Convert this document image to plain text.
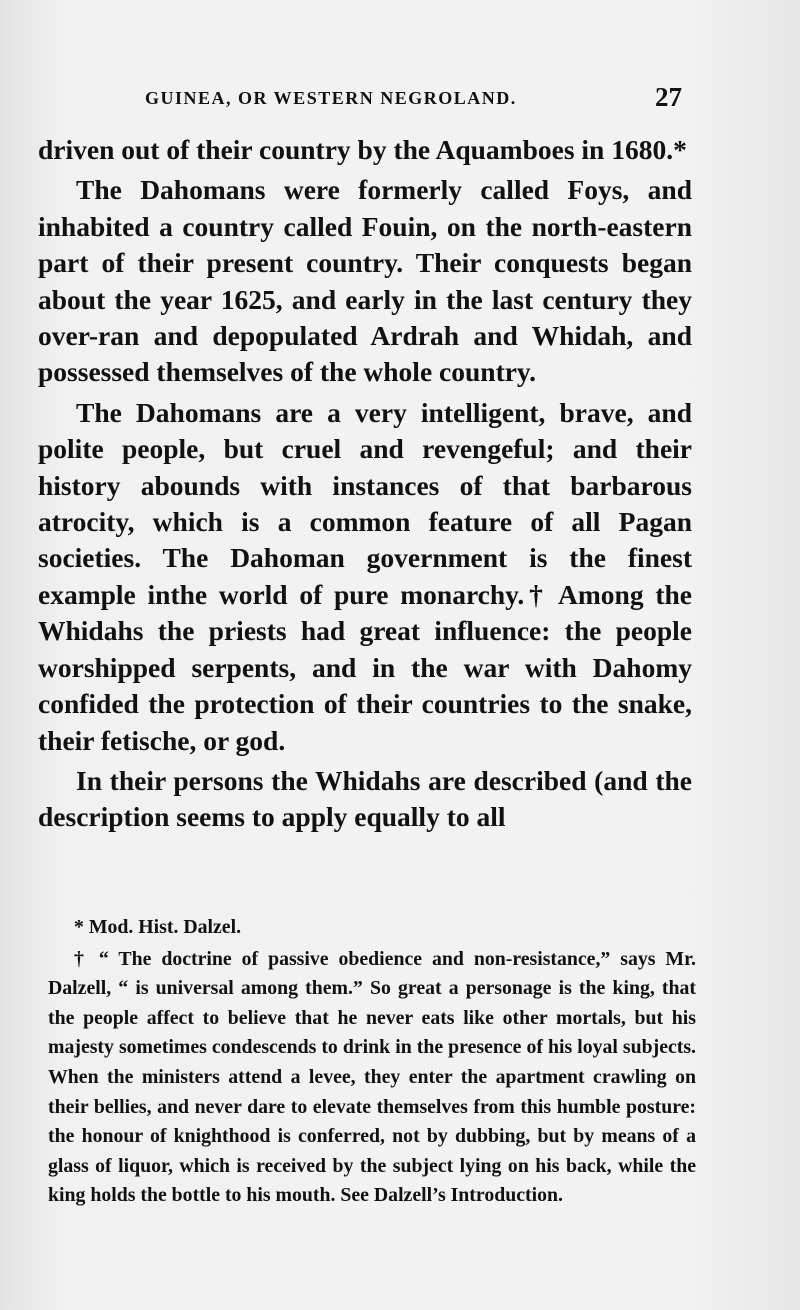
GUINEA, OR WESTERN NEGROLAND.	27

driven out of their country by the Aquamboes in 1680.*

The Dahomans were formerly called Foys, and inhabited a country called Fouin, on the north-eastern part of their present country. Their conquests began about the year 1625, and early in the last century they over-ran and depopulated Ardrah and Whidah, and possessed themselves of the whole country.

The Dahomans are a very intelligent, brave, and polite people, but cruel and revengeful; and their history abounds with instances of that barbarous atrocity, which is a common feature of all Pagan societies. The Dahoman government is the finest example inthe world of pure monarchy.† Among the Whidahs the priests had great influence: the people worshipped serpents, and in the war with Dahomy confided the protection of their countries to the snake, their fetische, or god.

In their persons the Whidahs are described (and the description seems to apply equally to all

* Mod. Hist. Dalzel.

† “ The doctrine of passive obedience and non-resistance,” says Mr. Dalzell, “ is universal among them.” So great a personage is the king, that the people affect to believe that he never eats like other mortals, but his majesty sometimes condescends to drink in the presence of his loyal subjects. When the ministers attend a levee, they enter the apartment crawling on their bellies, and never dare to elevate themselves from this humble posture: the honour of knighthood is conferred, not by dubbing, but by means of a glass of liquor, which is received by the subject lying on his back, while the king holds the bottle to his mouth. See Dalzell’s Introduction.
